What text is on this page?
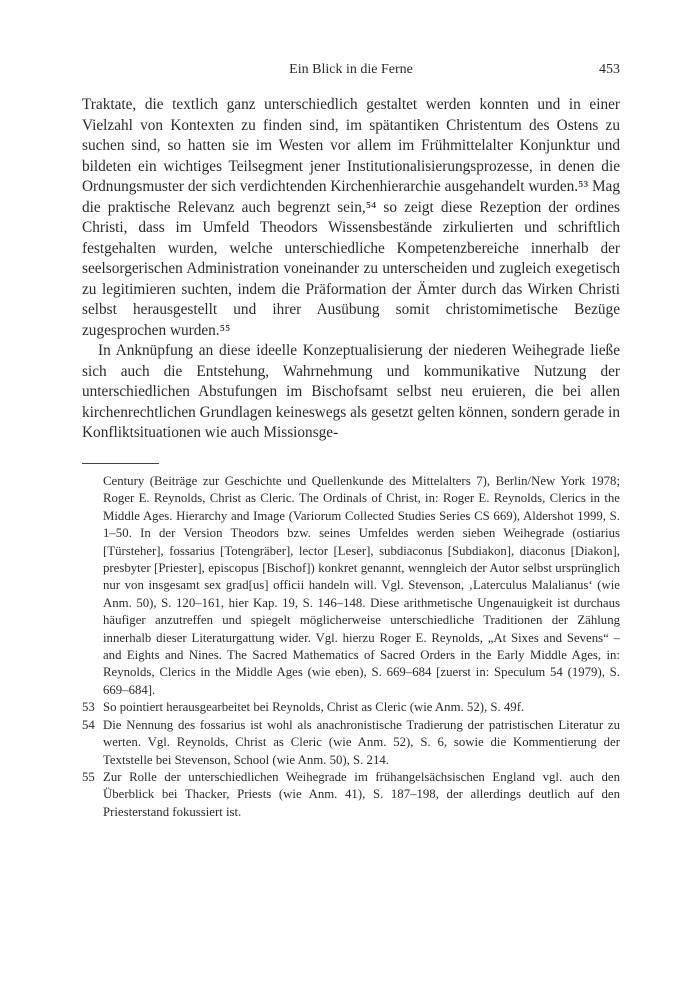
Ein Blick in die Ferne	453

Traktate, die textlich ganz unterschiedlich gestaltet werden konnten und in einer Vielzahl von Kontexten zu finden sind, im spätantiken Christentum des Ostens zu suchen sind, so hatten sie im Westen vor allem im Frühmittelalter Konjunktur und bildeten ein wichtiges Teilsegment jener Institutionalisierungsprozesse, in denen die Ordnungsmuster der sich verdichtenden Kirchenhierarchie ausgehandelt wurden.⁵³ Mag die praktische Relevanz auch begrenzt sein,⁵⁴ so zeigt diese Rezeption der ordines Christi, dass im Umfeld Theodors Wissensbestände zirkulierten und schriftlich festgehalten wurden, welche unterschiedliche Kompetenzbereiche innerhalb der seelsorgerischen Administration voneinander zu unterscheiden und zugleich exegetisch zu legitimieren suchten, indem die Präformation der Ämter durch das Wirken Christi selbst herausgestellt und ihrer Ausübung somit christomimetische Bezüge zugesprochen wurden.⁵⁵

In Anknüpfung an diese ideelle Konzeptualisierung der niederen Weihegrade ließe sich auch die Entstehung, Wahrnehmung und kommunikative Nutzung der unterschiedlichen Abstufungen im Bischofsamt selbst neu eruieren, die bei allen kirchenrechtlichen Grundlagen keineswegs als gesetzt gelten können, sondern gerade in Konfliktsituationen wie auch Missionsge-

Century (Beiträge zur Geschichte und Quellenkunde des Mittelalters 7), Berlin/New York 1978; Roger E. Reynolds, Christ as Cleric. The Ordinals of Christ, in: Roger E. Reynolds, Clerics in the Middle Ages. Hierarchy and Image (Variorum Collected Studies Series CS 669), Aldershot 1999, S. 1–50. In der Version Theodors bzw. seines Umfeldes werden sieben Weihegrade (ostiarius [Türsteher], fossarius [Totengräber], lector [Leser], subdiaconus [Subdiakon], diaconus [Diakon], presbyter [Priester], episcopus [Bischof]) konkret genannt, wenngleich der Autor selbst ursprünglich nur von insgesamt sex grad[us] officii handeln will. Vgl. Stevenson, ‚Laterculus Malalianus‘ (wie Anm. 50), S. 120–161, hier Kap. 19, S. 146–148. Diese arithmetische Ungenauigkeit ist durchaus häufiger anzutreffen und spiegelt möglicherweise unterschiedliche Traditionen der Zählung innerhalb dieser Literaturgattung wider. Vgl. hierzu Roger E. Reynolds, „At Sixes and Sevens“ – and Eights and Nines. The Sacred Mathematics of Sacred Orders in the Early Middle Ages, in: Reynolds, Clerics in the Middle Ages (wie eben), S. 669–684 [zuerst in: Speculum 54 (1979), S. 669–684].

53 So pointiert herausgearbeitet bei Reynolds, Christ as Cleric (wie Anm. 52), S. 49f.

54 Die Nennung des fossarius ist wohl als anachronistische Tradierung der patristischen Literatur zu werten. Vgl. Reynolds, Christ as Cleric (wie Anm. 52), S. 6, sowie die Kommentierung der Textstelle bei Stevenson, School (wie Anm. 50), S. 214.

55 Zur Rolle der unterschiedlichen Weihegrade im frühangelsächsischen England vgl. auch den Überblick bei Thacker, Priests (wie Anm. 41), S. 187–198, der allerdings deutlich auf den Priesterstand fokussiert ist.
